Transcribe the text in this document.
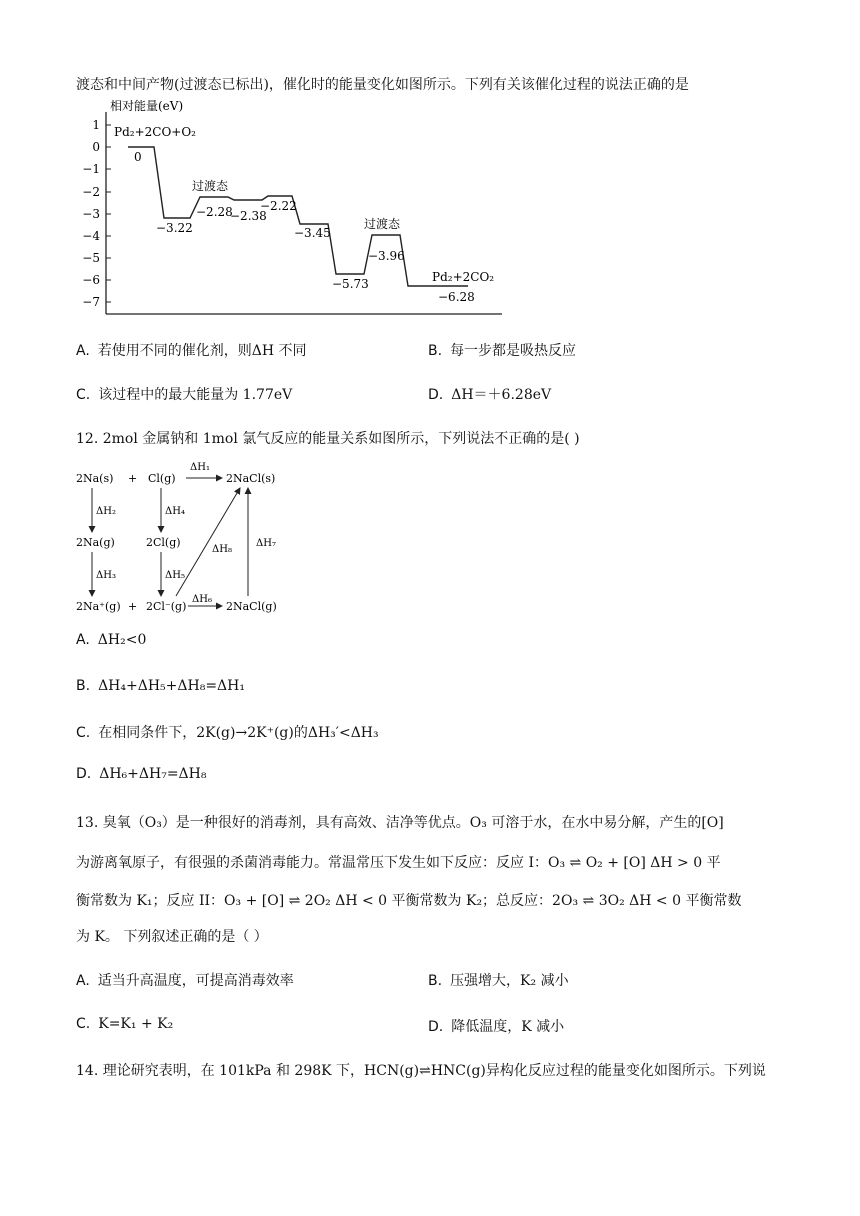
渡态和中间产物(过渡态已标出)，催化时的能量变化如图所示。下列有关该催化过程的说法正确的是
相对能量(eV)
1
0
−1
−2
−3
−4
−5
−6
−7
Pd₂+2CO+O₂
Pd₂+2CO₂
过渡态
过渡态
0
−3.22
−2.28
−2.38
−2.22
−3.45
−5.73
−3.96
−6.28
A. 若使用不同的催化剂，则ΔH 不同	B. 每一步都是吸热反应
C. 该过程中的最大能量为 1.77eV	D. ΔH＝＋6.28eV
12. 2mol 金属钠和 1mol 氯气反应的能量关系如图所示，下列说法不正确的是( )
2Na(s) + Cl(g)	2NaCl(s)
2Na(g)	2Cl(g)
2Na⁺(g) + 2Cl⁻(g)	2NaCl(g)
ΔH₁
ΔH₂	ΔH₄
ΔH₃	ΔH₅
ΔH₈
ΔH₇
ΔH₆
A. ΔH₂<0
B. ΔH₄+ΔH₅+ΔH₈=ΔH₁
C. 在相同条件下，2K(g)→2K⁺(g)的ΔH₃′<ΔH₃
D. ΔH₆+ΔH₇=ΔH₈
13. 臭氧（O₃）是一种很好的消毒剂，具有高效、洁净等优点。O₃ 可溶于水，在水中易分解，产生的[O]
为游离氧原子，有很强的杀菌消毒能力。常温常压下发生如下反应：反应 I：O₃ ⇌ O₂ + [O] ΔH > 0 平
衡常数为 K₁；反应 II：O₃ + [O] ⇌ 2O₂ ΔH < 0 平衡常数为 K₂；总反应：2O₃ ⇌ 3O₂ ΔH < 0 平衡常数
为 K。 下列叙述正确的是（ ）
A. 适当升高温度，可提高消毒效率	B. 压强增大，K₂ 减小
C. K=K₁ + K₂	D. 降低温度，K 减小
14. 理论研究表明，在 101kPa 和 298K 下，HCN(g)⇌HNC(g)异构化反应过程的能量变化如图所示。下列说
